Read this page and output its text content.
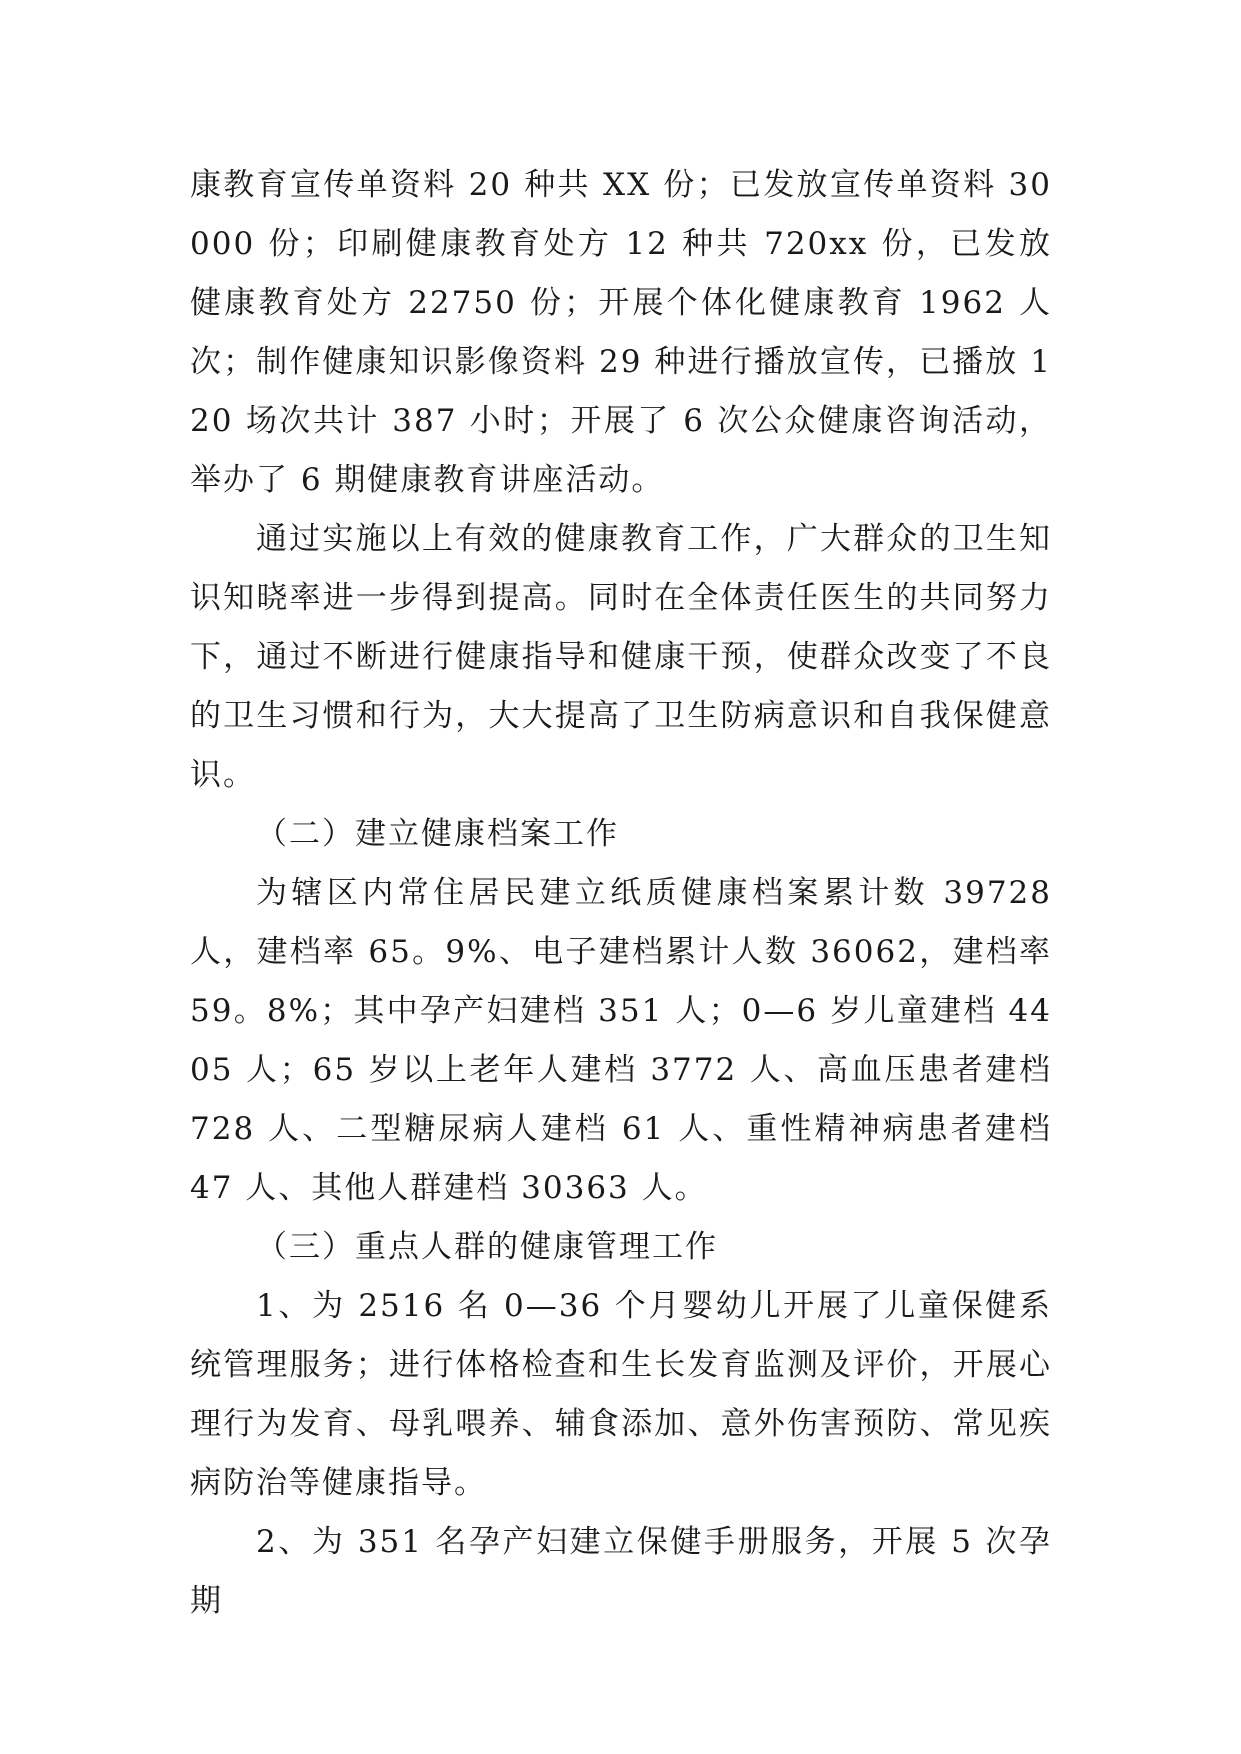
康教育宣传单资料 20 种共 XX 份；已发放宣传单资料 30000 份；印刷健康教育处方 12 种共 720xx 份，已发放健康教育处方 22750 份；开展个体化健康教育 1962 人次；制作健康知识影像资料 29 种进行播放宣传，已播放 120 场次共计 387 小时；开展了 6 次公众健康咨询活动，举办了 6 期健康教育讲座活动。

通过实施以上有效的健康教育工作，广大群众的卫生知识知晓率进一步得到提高。同时在全体责任医生的共同努力下，通过不断进行健康指导和健康干预，使群众改变了不良的卫生习惯和行为，大大提高了卫生防病意识和自我保健意识。

（二）建立健康档案工作

为辖区内常住居民建立纸质健康档案累计数 39728 人，建档率 65。9%、电子建档累计人数 36062，建档率 59。8%；其中孕产妇建档 351 人；0—6 岁儿童建档 4405 人；65 岁以上老年人建档 3772 人、高血压患者建档 728 人、二型糖尿病人建档 61 人、重性精神病患者建档 47 人、其他人群建档 30363 人。

（三）重点人群的健康管理工作

1、为 2516 名 0—36 个月婴幼儿开展了儿童保健系统管理服务；进行体格检查和生长发育监测及评价，开展心理行为发育、母乳喂养、辅食添加、意外伤害预防、常见疾病防治等健康指导。

2、为 351 名孕产妇建立保健手册服务，开展 5 次孕期
